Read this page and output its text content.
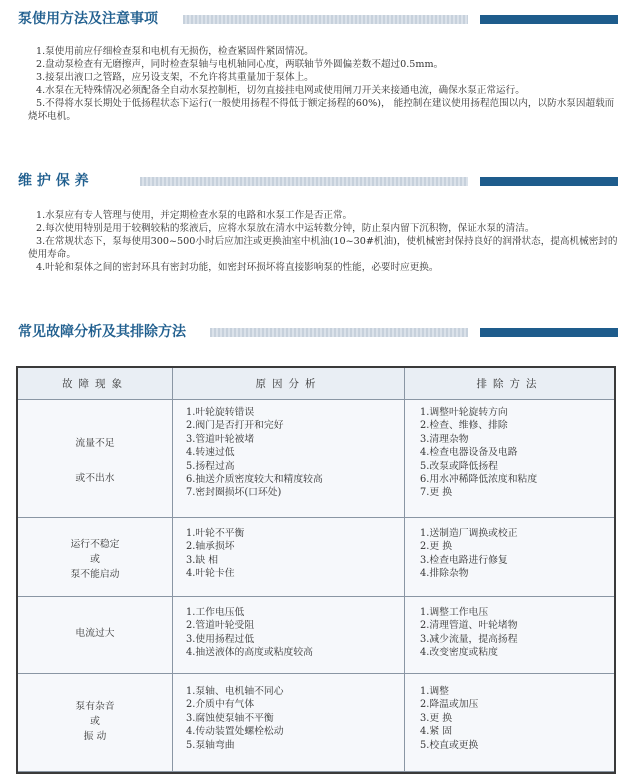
泵使用方法及注意事项

1.泵使用前应仔细检查泵和电机有无损伤，检查紧固件紧固情况。

2.盘动泵检查有无磨擦声，同时检查泵轴与电机轴同心度，两联轴节外圆偏差数不超过0.5mm。

3.接泵出液口之管路，应另设支架，不允许将其重量加于泵体上。

4.水泵在无特殊情况必须配备全自动水泵控制柜，切勿直接挂电网或使用闸刀开关来接通电流，确保水泵正常运行。

5.不得将水泵长期处于低扬程状态下运行(一般使用扬程不得低于额定扬程的60%)， 能控制在建议使用扬程范围以内，以防水泵因超载而烧坏电机。

维 护 保 养

1.水泵应有专人管理与使用，并定期检查水泵的电路和水泵工作是否正常。

2.每次使用特别是用于较稠较粘的浆液后，应将水泵放在清水中运转数分钟，防止泵内留下沉积物，保证水泵的清洁。

3.在常规状态下，泵每使用300~500小时后应加注或更换油室中机油(10~30#机油)，使机械密封保持良好的润滑状态，提高机械密封的使用寿命。

4.叶轮和泵体之间的密封环具有密封功能，如密封环损坏将直接影响泵的性能，必要时应更换。

常见故障分析及其排除方法
故障现象	原因分析	排除方法
流量不足
或不出水
1.叶轮旋转错误
2.阀门是否打开和完好
3.管道叶轮被堵
4.转速过低
5.扬程过高
6.抽送介质密度较大和精度较高
7.密封圈损坏(口环处)
1.调整叶轮旋转方向
2.检查、维修、排除
3.清理杂物
4.检查电器设备及电路
5.改泵或降低扬程
6.用水冲稀降低浓度和粘度
7.更 换
运行不稳定
或
泵不能启动
1.叶轮不平衡
2.轴承损坏
3.缺 相
4.叶轮卡住
1.送制造厂调换或校正
2.更 换
3.检查电路进行修复
4.排除杂物
电流过大
1.工作电压低
2.管道叶轮受阻
3.使用扬程过低
4.抽送液体的高度或粘度较高
1.调整工作电压
2.清理管道、叶轮堵物
3.减少流量，提高扬程
4.改变密度或粘度
泵有杂音
或
振 动
1.泵轴、电机轴不同心
2.介质中有气体
3.腐蚀使泵轴不平衡
4.传动装置处螺栓松动
5.泵轴弯曲
1.调整
2.降温或加压
3.更 换
4.紧 固
5.校直或更换
